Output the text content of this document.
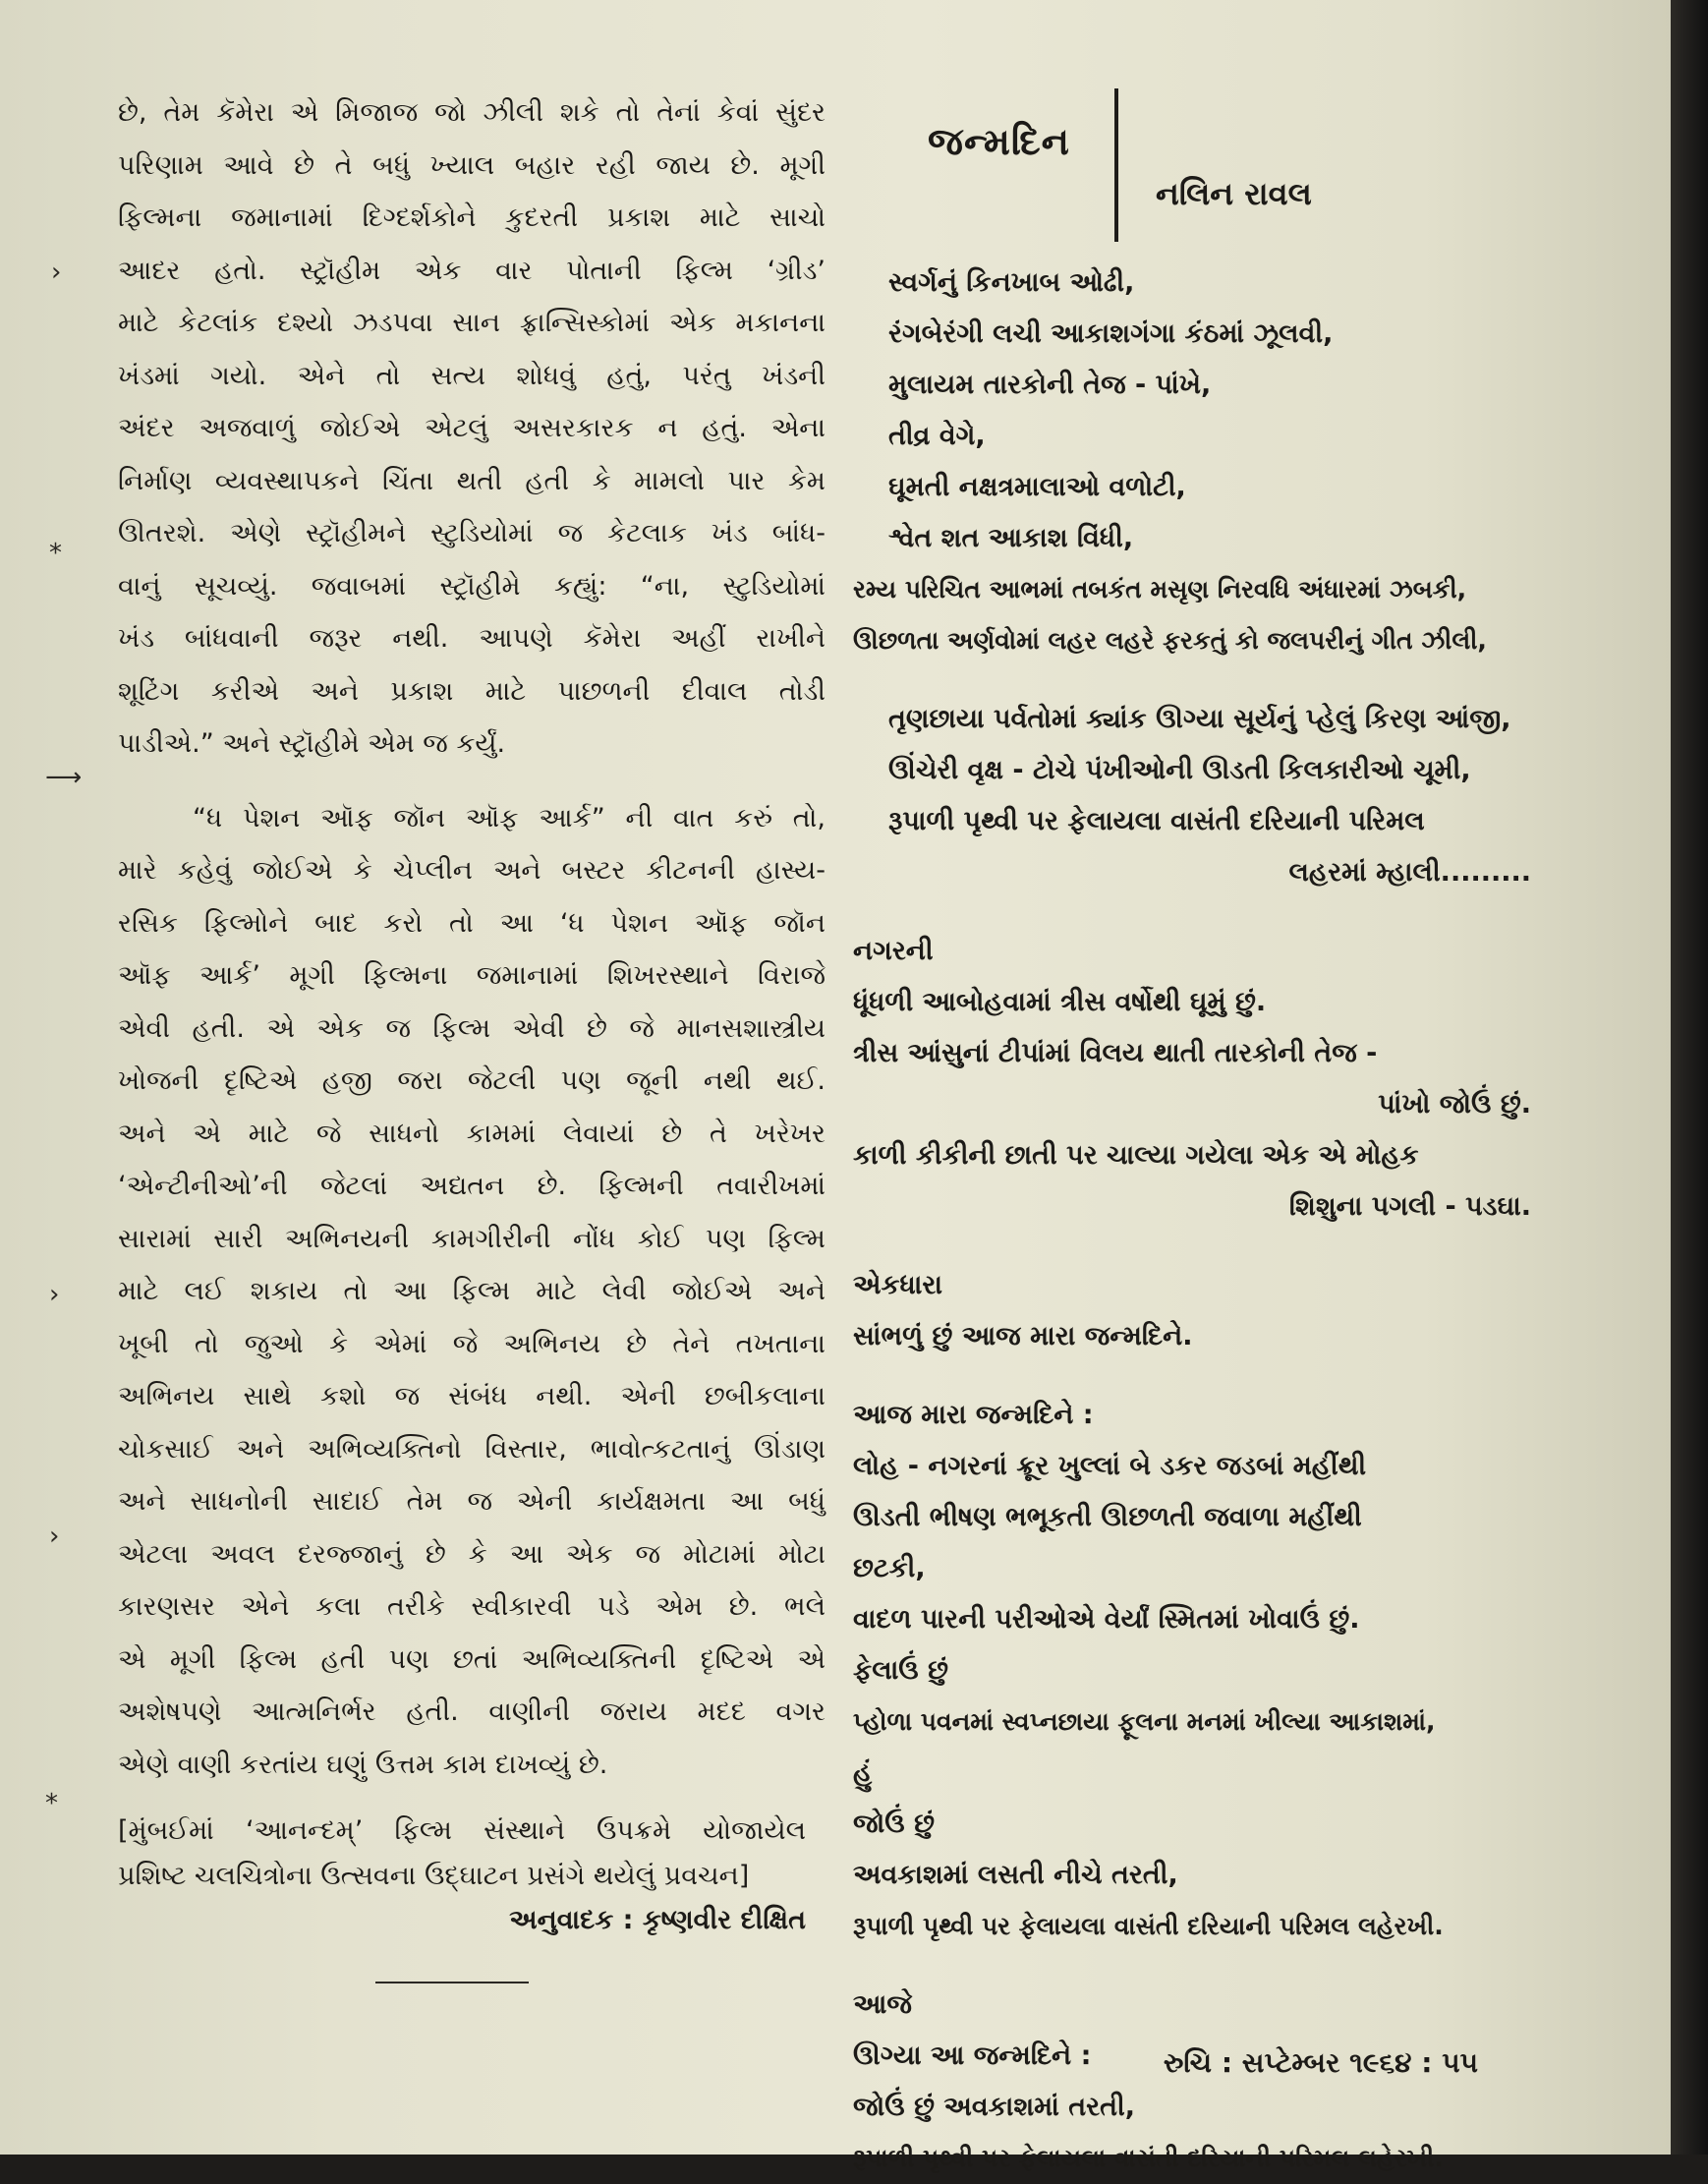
›
⁎
⟶
›
›
⁎

છે, તેમ કૅમેરા એ મિજાજ જો ઝીલી શકે તો તેનાં કેવાં સુંદર

પરિણામ આવે છે તે બધું ખ્યાલ બહાર રહી જાય છે. મૂગી

ફિલ્મના જમાનામાં દિગ્દર્શકોને કુદરતી પ્રકાશ માટે સાચો

આદર હતો. સ્ટ્રૉહીમ એક વાર પોતાની ફિલ્મ ‘ગ્રીડ’

માટે કેટલાંક દશ્યો ઝડપવા સાન ફ્રાન્સિસ્કોમાં એક મકાનના

ખંડમાં ગયો. એને તો સત્ય શોધવું હતું, પરંતુ ખંડની

અંદર અજવાળું જોઈએ એટલું અસરકારક ન હતું. એના

નિર્માણ વ્યવસ્થાપકને ચિંતા થતી હતી કે મામલો પાર કેમ

ઊતરશે. એણે સ્ટ્રૉહીમને સ્ટુડિયોમાં જ કેટલાક ખંડ બાંધ-

વાનું સૂચવ્યું. જવાબમાં સ્ટ્રૉહીમે કહ્યું: “ના, સ્ટુડિયોમાં

ખંડ બાંધવાની જરૂર નથી. આપણે કૅમેરા અહીં રાખીને

શૂટિંગ કરીએ અને પ્રકાશ માટે પાછળની દીવાલ તોડી

પાડીએ.” અને સ્ટ્રૉહીમે એમ જ કર્યું.

“ધ પેશન ઑફ જૉન ઑફ આર્ક” ની વાત કરું તો,

મારે કહેવું જોઈએ કે ચેપ્લીન અને બસ્ટર કીટનની હાસ્ય-

રસિક ફિલ્મોને બાદ કરો તો આ ‘ધ પેશન ઑફ જૉન

ઑફ આર્ક’ મૂગી ફિલ્મના જમાનામાં શિખરસ્થાને વિરાજે

એવી હતી. એ એક જ ફિલ્મ એવી છે જે માનસશાસ્ત્રીય

ખોજની દૃષ્ટિએ હજી જરા જેટલી પણ જૂની નથી થઈ.

અને એ માટે જે સાધનો કામમાં લેવાયાં છે તે ખરેખર

‘એન્ટીનીઓ’ની જેટલાં અદ્યતન છે. ફિલ્મની તવારીખમાં

સારામાં સારી અભિનયની કામગીરીની નોંધ કોઈ પણ ફિલ્મ

માટે લઈ શકાય તો આ ફિલ્મ માટે લેવી જોઈએ અને

ખૂબી તો જુઓ કે એમાં જે અભિનય છે તેને તખતાના

અભિનય સાથે કશો જ સંબંધ નથી. એની છબીકલાના

ચોકસાઈ અને અભિવ્યક્તિનો વિસ્તાર, ભાવોત્કટતાનું ઊંડાણ

અને સાધનોની સાદાઈ તેમ જ એની કાર્યક્ષમતા આ બધું

એટલા અવલ દરજ્જાનું છે કે આ એક જ મોટામાં મોટા

કારણસર એને કલા તરીકે સ્વીકારવી પડે એમ છે. ભલે

એ મૂગી ફિલ્મ હતી પણ છતાં અભિવ્યક્તિની દૃષ્ટિએ એ

અશેષપણે આત્મનિર્ભર હતી. વાણીની જરાય મદદ વગર

એણે વાણી કરતાંય ઘણું ઉત્તમ કામ દાખવ્યું છે.

[મુંબઈમાં ‘આનન્દમ્’ ફિલ્મ સંસ્થાને ઉપક્રમે યોજાયેલ
પ્રશિષ્ટ ચલચિત્રોના ઉત્સવના ઉદ્ઘાટન પ્રસંગે થયેલું પ્રવચન]
અનુવાદક : કૃષ્ણવીર દીક્ષિત
જન્મદિન
નલિન રાવલ
સ્વર્ગનું કિનખાબ ઓઢી,
રંગબેરંગી લચી આકાશગંગા કંઠમાં ઝૂલવી,
મુલાયમ તારકોની તેજ - પાંખે,
તીવ્ર વેગે,
ઘૂમતી નક્ષત્રમાલાઓ વળોટી,
શ્વેત શત આકાશ વિંધી,
રમ્ય પરિચિત આભમાં તબકંત મસૃણ નિરવધિ અંધારમાં ઝબકી,
ઊછળતા અર્ણવોમાં લહર લહરે ફરકતું કો જલપરીનું ગીત ઝીલી,
તૃણછાયા પર્વતોમાં ક્યાંક ઊગ્યા સૂર્યનું પ્હેલું કિરણ આંજી,
ઊંચેરી વૃક્ષ - ટોચે પંખીઓની ઊડતી કિલકારીઓ ચૂમી,
રૂપાળી પૃથ્વી પર ફેલાયલા વાસંતી દરિયાની પરિમલ
લહરમાં મ્હાલી.........
નગરની
ધૂંધળી આબોહવામાં ત્રીસ વર્ષોથી ઘૂમું છું.
ત્રીસ આંસુનાં ટીપાંમાં વિલય થાતી તારકોની તેજ -
પાંખો જોઉં છું.
કાળી કીકીની છાતી પર ચાલ્યા ગયેલા એક એ મોહક
શિશુના પગલી - પડઘા.
એકધારા
સાંભળું છું આજ મારા જન્મદિને.
આજ મારા જન્મદિને :
લોહ - નગરનાં ક્રૂર ખુલ્લાં બે ડકર જડબાં મહીંથી
ઊડતી ભીષણ ભભૂકતી ઊછળતી જવાળા મહીંથી
છટકી,
વાદળ પારની પરીઓએ વેર્યાં સ્મિતમાં ખોવાઉં છું.
ફેલાઉં છું
પ્હોળા પવનમાં સ્વપ્નછાયા ફૂલના મનમાં ખીલ્યા આકાશમાં,
હું
જોઉં છું
અવકાશમાં લસતી નીચે તરતી,
રૂપાળી પૃથ્વી પર ફેલાયલા વાસંતી દરિયાની પરિમલ લહેરખી.
આજે
ઊગ્યા આ જન્મદિને :
જોઉં છું અવકાશમાં તરતી,
રૂપાળી પૃથ્વી પર ફેલાયલા વાસંતી દરિયાની પરિમલ લહેરખી.
રુચિ : સપ્ટેમ્બર ૧૯૬૪ : ૫૫
